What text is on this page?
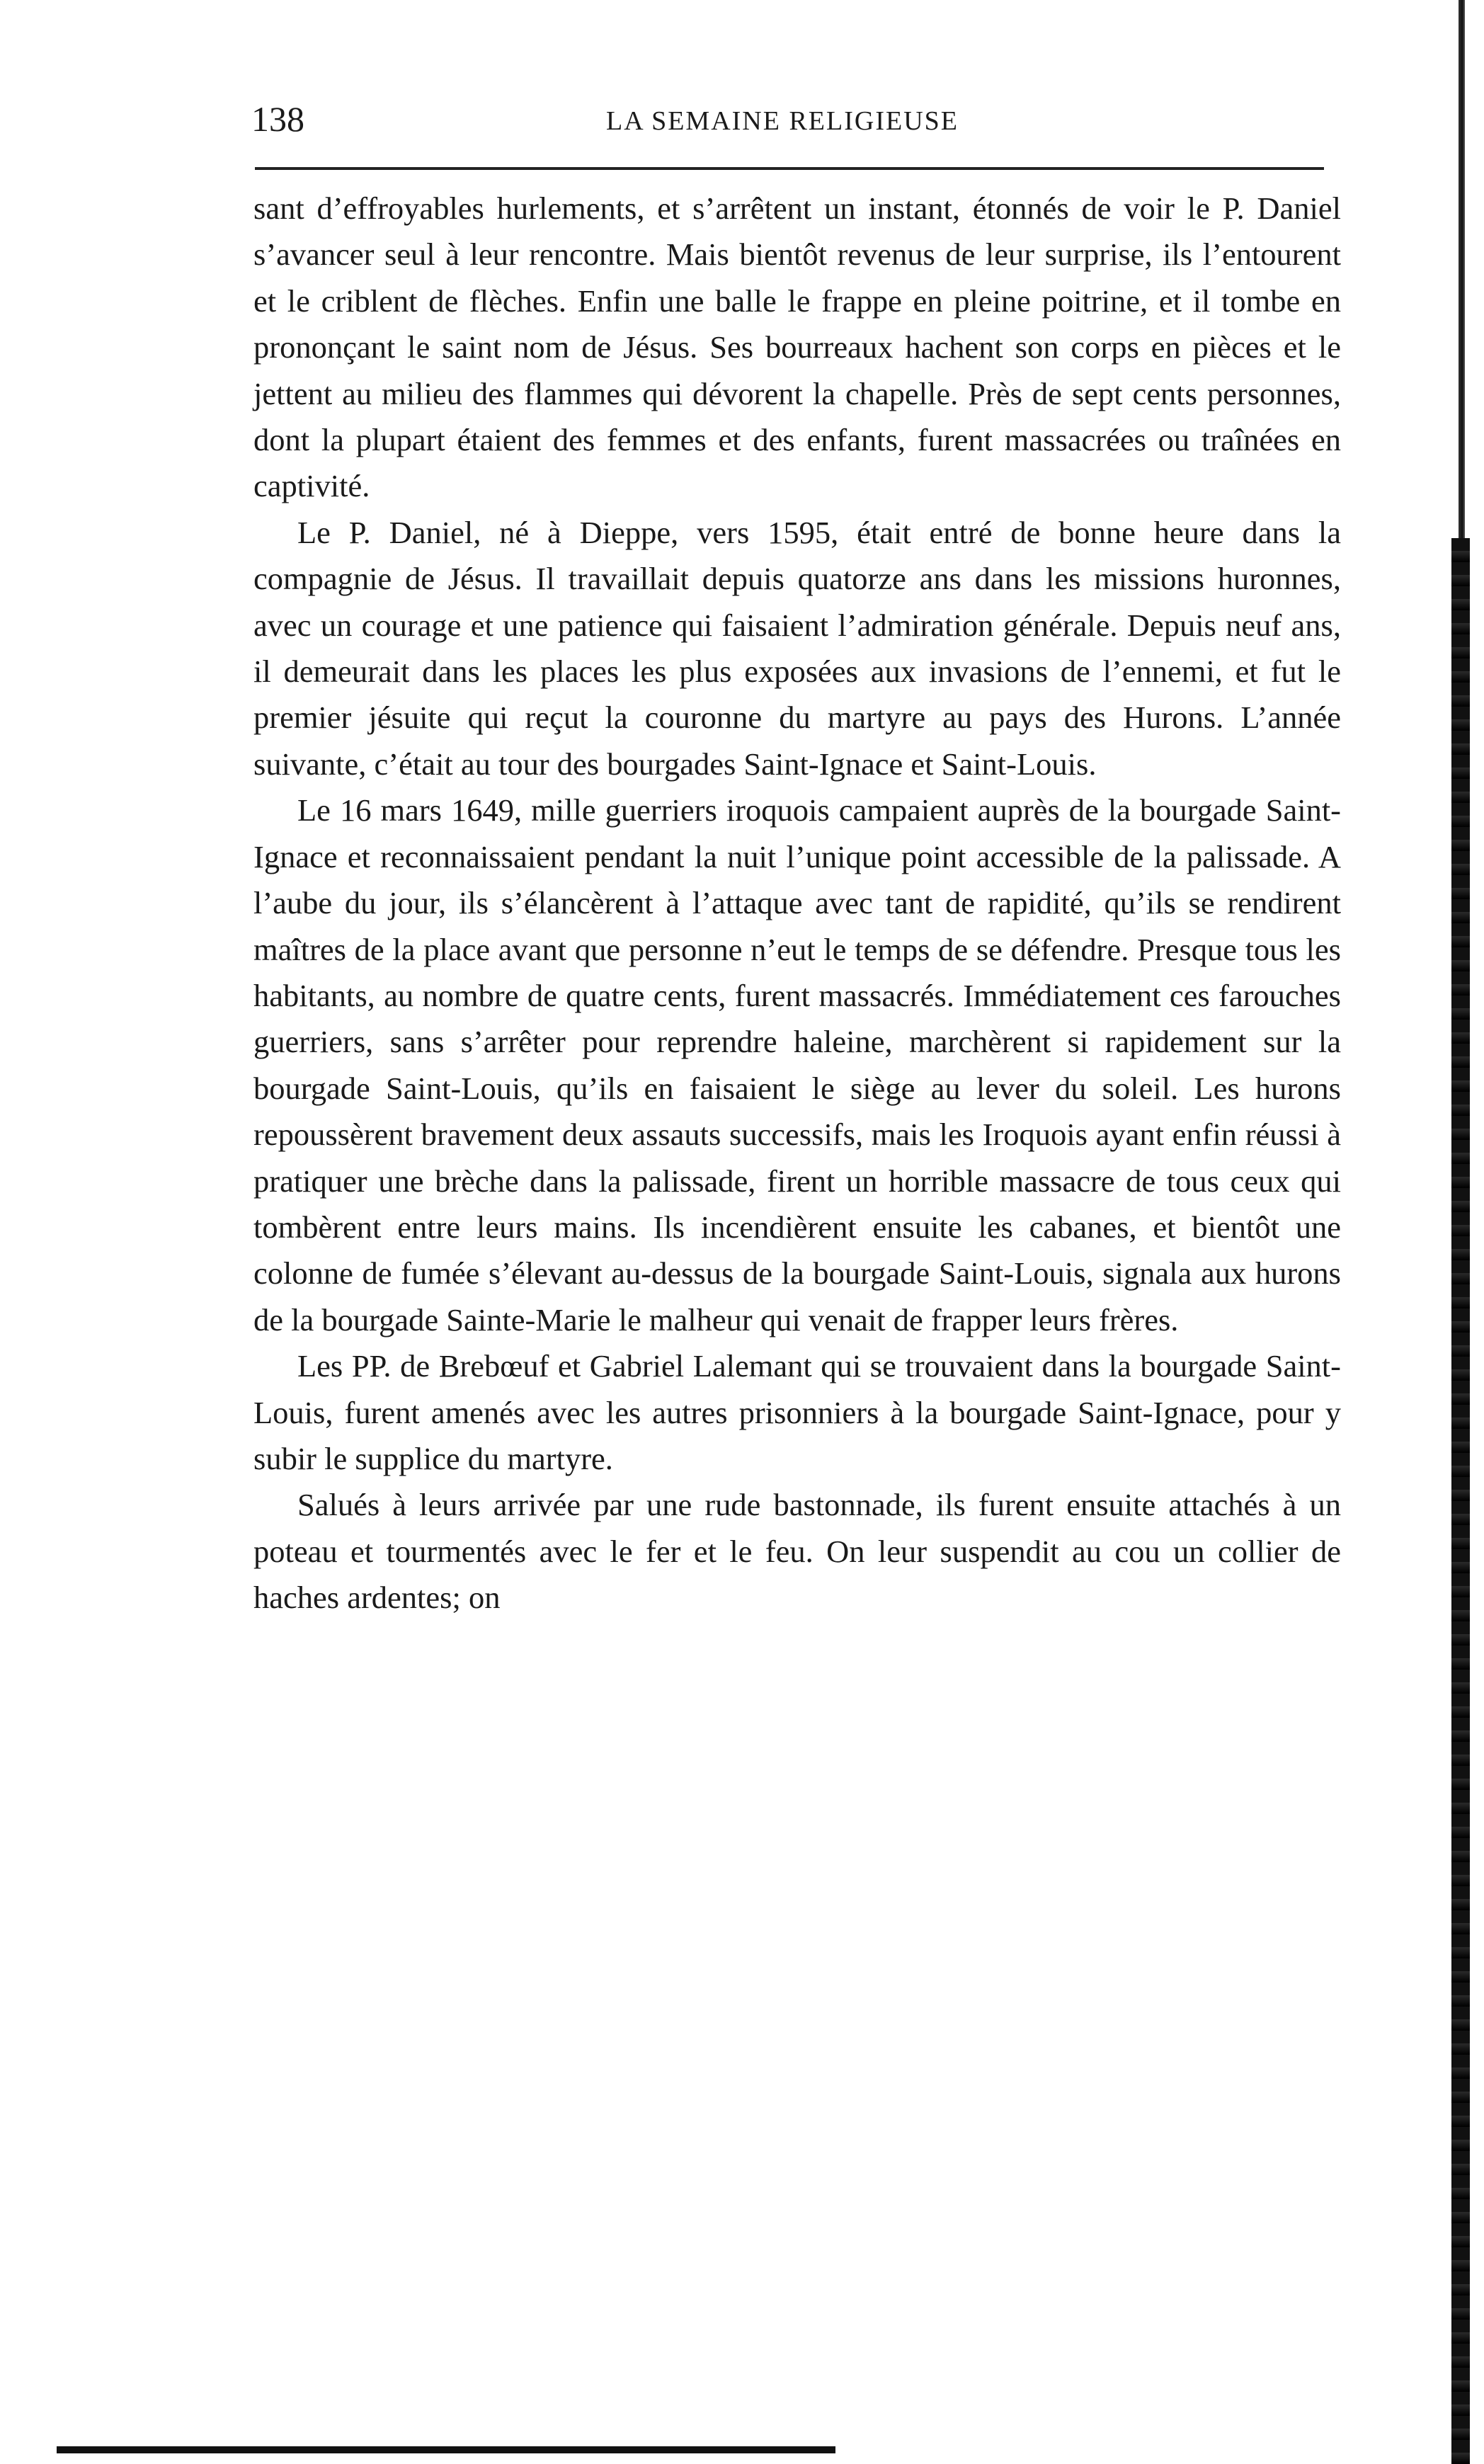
138	LA SEMAINE RELIGIEUSE

sant d’effroyables hurlements, et s’arrêtent un instant, étonnés de voir le P. Daniel s’avancer seul à leur rencontre. Mais bientôt revenus de leur surprise, ils l’entourent et le criblent de flèches. Enfin une balle le frappe en pleine poitrine, et il tombe en prononçant le saint nom de Jésus. Ses bourreaux hachent son corps en pièces et le jettent au milieu des flammes qui dévorent la chapelle. Près de sept cents personnes, dont la plupart étaient des femmes et des enfants, furent massacrées ou traînées en captivité.

Le P. Daniel, né à Dieppe, vers 1595, était entré de bonne heure dans la compagnie de Jésus. Il travaillait depuis quatorze ans dans les missions huronnes, avec un courage et une patience qui faisaient l’admiration générale. Depuis neuf ans, il demeurait dans les places les plus exposées aux invasions de l’ennemi, et fut le premier jésuite qui reçut la couronne du martyre au pays des Hurons. L’année suivante, c’était au tour des bourgades Saint-Ignace et Saint-Louis.

Le 16 mars 1649, mille guerriers iroquois campaient auprès de la bourgade Saint-Ignace et reconnaissaient pendant la nuit l’unique point accessible de la palissade. A l’aube du jour, ils s’élancèrent à l’attaque avec tant de rapidité, qu’ils se rendirent maîtres de la place avant que personne n’eut le temps de se défendre. Presque tous les habitants, au nombre de quatre cents, furent massacrés. Immédiatement ces farouches guerriers, sans s’arrêter pour reprendre haleine, marchèrent si rapidement sur la bourgade Saint-Louis, qu’ils en faisaient le siège au lever du soleil. Les hurons repoussèrent bravement deux assauts successifs, mais les Iroquois ayant enfin réussi à pratiquer une brèche dans la palissade, firent un horrible massacre de tous ceux qui tombèrent entre leurs mains. Ils incendièrent ensuite les cabanes, et bientôt une colonne de fumée s’élevant au-dessus de la bourgade Saint-Louis, signala aux hurons de la bourgade Sainte-Marie le malheur qui venait de frapper leurs frères.

Les PP. de Brebœuf et Gabriel Lalemant qui se trouvaient dans la bourgade Saint-Louis, furent amenés avec les autres prisonniers à la bourgade Saint-Ignace, pour y subir le supplice du martyre.

Salués à leurs arrivée par une rude bastonnade, ils furent ensuite attachés à un poteau et tourmentés avec le fer et le feu. On leur suspendit au cou un collier de haches ardentes; on
